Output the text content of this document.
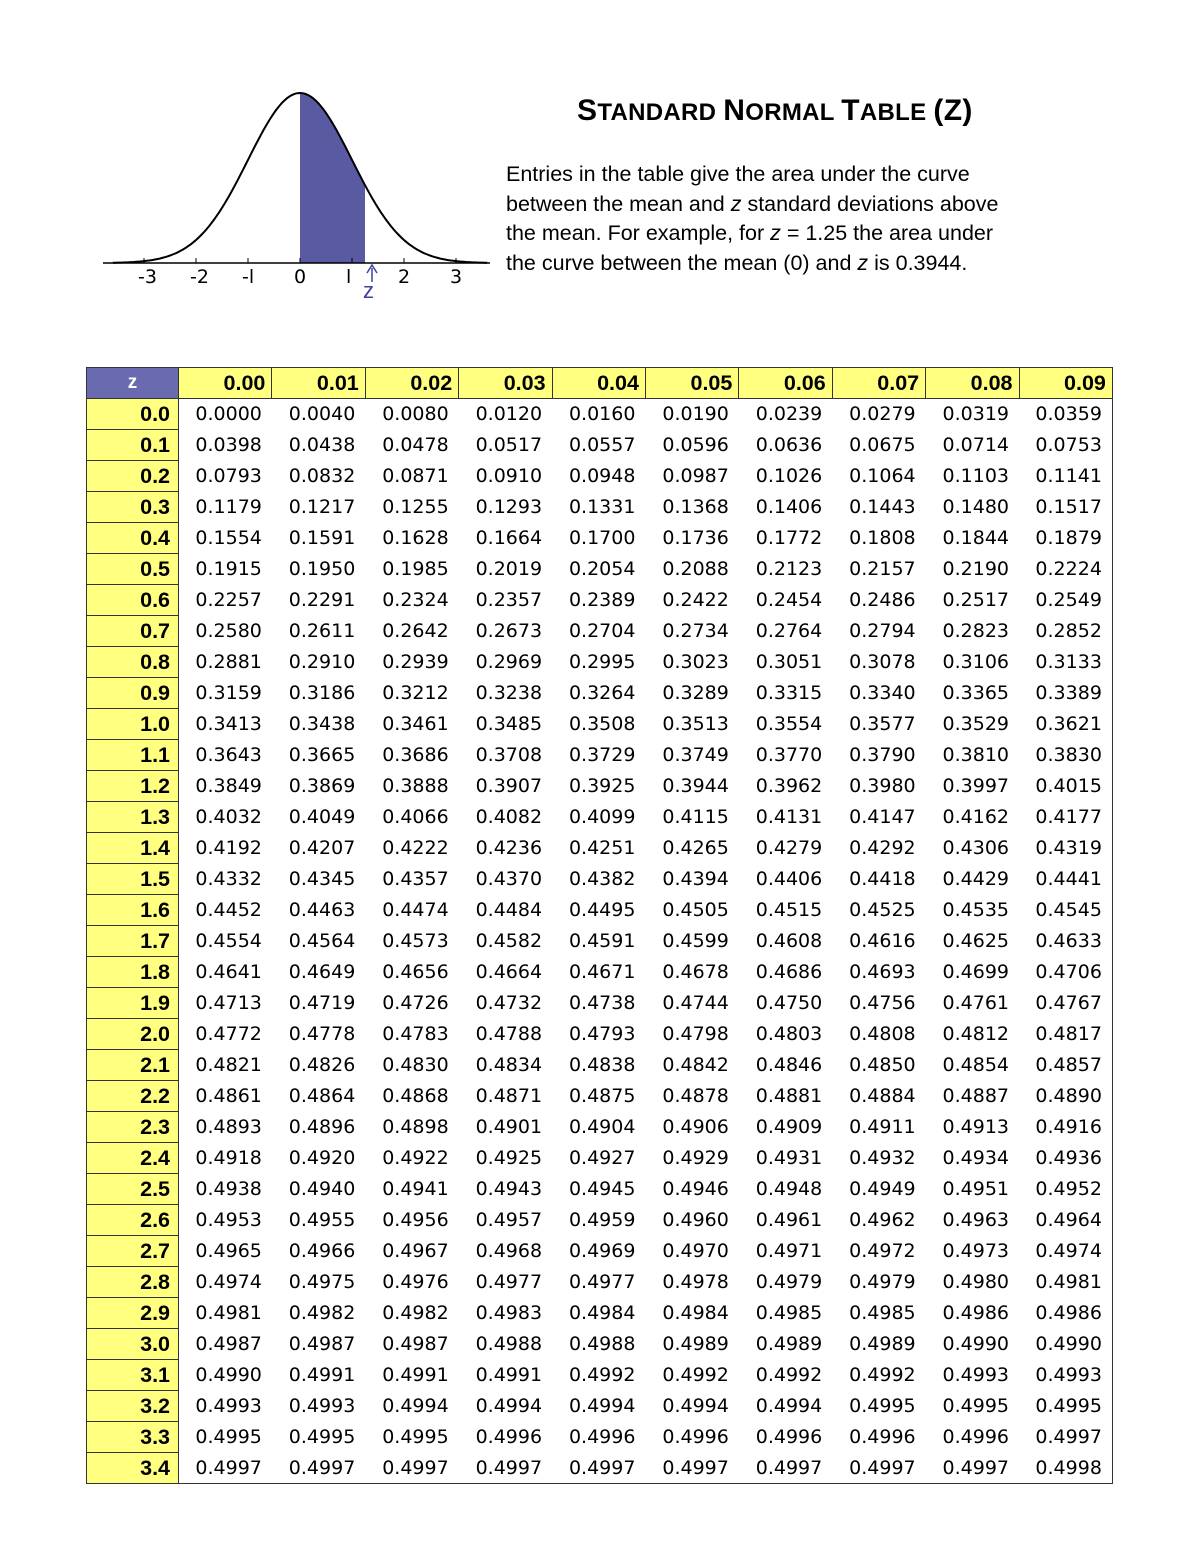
-3 -2 -l 0 l 2 3
z
STANDARD NORMAL TABLE (Z)
Entries in the table give the area under the curve
between the mean and z standard deviations above
the mean. For example, for z = 1.25 the area under
the curve between the mean (0) and z is 0.3944.
z	0.00	0.01	0.02	0.03	0.04	0.05	0.06	0.07	0.08	0.09
0.0	0.0000	0.0040	0.0080	0.0120	0.0160	0.0190	0.0239	0.0279	0.0319	0.0359
0.1	0.0398	0.0438	0.0478	0.0517	0.0557	0.0596	0.0636	0.0675	0.0714	0.0753
0.2	0.0793	0.0832	0.0871	0.0910	0.0948	0.0987	0.1026	0.1064	0.1103	0.1141
0.3	0.1179	0.1217	0.1255	0.1293	0.1331	0.1368	0.1406	0.1443	0.1480	0.1517
0.4	0.1554	0.1591	0.1628	0.1664	0.1700	0.1736	0.1772	0.1808	0.1844	0.1879
0.5	0.1915	0.1950	0.1985	0.2019	0.2054	0.2088	0.2123	0.2157	0.2190	0.2224
0.6	0.2257	0.2291	0.2324	0.2357	0.2389	0.2422	0.2454	0.2486	0.2517	0.2549
0.7	0.2580	0.2611	0.2642	0.2673	0.2704	0.2734	0.2764	0.2794	0.2823	0.2852
0.8	0.2881	0.2910	0.2939	0.2969	0.2995	0.3023	0.3051	0.3078	0.3106	0.3133
0.9	0.3159	0.3186	0.3212	0.3238	0.3264	0.3289	0.3315	0.3340	0.3365	0.3389
1.0	0.3413	0.3438	0.3461	0.3485	0.3508	0.3513	0.3554	0.3577	0.3529	0.3621
1.1	0.3643	0.3665	0.3686	0.3708	0.3729	0.3749	0.3770	0.3790	0.3810	0.3830
1.2	0.3849	0.3869	0.3888	0.3907	0.3925	0.3944	0.3962	0.3980	0.3997	0.4015
1.3	0.4032	0.4049	0.4066	0.4082	0.4099	0.4115	0.4131	0.4147	0.4162	0.4177
1.4	0.4192	0.4207	0.4222	0.4236	0.4251	0.4265	0.4279	0.4292	0.4306	0.4319
1.5	0.4332	0.4345	0.4357	0.4370	0.4382	0.4394	0.4406	0.4418	0.4429	0.4441
1.6	0.4452	0.4463	0.4474	0.4484	0.4495	0.4505	0.4515	0.4525	0.4535	0.4545
1.7	0.4554	0.4564	0.4573	0.4582	0.4591	0.4599	0.4608	0.4616	0.4625	0.4633
1.8	0.4641	0.4649	0.4656	0.4664	0.4671	0.4678	0.4686	0.4693	0.4699	0.4706
1.9	0.4713	0.4719	0.4726	0.4732	0.4738	0.4744	0.4750	0.4756	0.4761	0.4767
2.0	0.4772	0.4778	0.4783	0.4788	0.4793	0.4798	0.4803	0.4808	0.4812	0.4817
2.1	0.4821	0.4826	0.4830	0.4834	0.4838	0.4842	0.4846	0.4850	0.4854	0.4857
2.2	0.4861	0.4864	0.4868	0.4871	0.4875	0.4878	0.4881	0.4884	0.4887	0.4890
2.3	0.4893	0.4896	0.4898	0.4901	0.4904	0.4906	0.4909	0.4911	0.4913	0.4916
2.4	0.4918	0.4920	0.4922	0.4925	0.4927	0.4929	0.4931	0.4932	0.4934	0.4936
2.5	0.4938	0.4940	0.4941	0.4943	0.4945	0.4946	0.4948	0.4949	0.4951	0.4952
2.6	0.4953	0.4955	0.4956	0.4957	0.4959	0.4960	0.4961	0.4962	0.4963	0.4964
2.7	0.4965	0.4966	0.4967	0.4968	0.4969	0.4970	0.4971	0.4972	0.4973	0.4974
2.8	0.4974	0.4975	0.4976	0.4977	0.4977	0.4978	0.4979	0.4979	0.4980	0.4981
2.9	0.4981	0.4982	0.4982	0.4983	0.4984	0.4984	0.4985	0.4985	0.4986	0.4986
3.0	0.4987	0.4987	0.4987	0.4988	0.4988	0.4989	0.4989	0.4989	0.4990	0.4990
3.1	0.4990	0.4991	0.4991	0.4991	0.4992	0.4992	0.4992	0.4992	0.4993	0.4993
3.2	0.4993	0.4993	0.4994	0.4994	0.4994	0.4994	0.4994	0.4995	0.4995	0.4995
3.3	0.4995	0.4995	0.4995	0.4996	0.4996	0.4996	0.4996	0.4996	0.4996	0.4997
3.4	0.4997	0.4997	0.4997	0.4997	0.4997	0.4997	0.4997	0.4997	0.4997	0.4998
